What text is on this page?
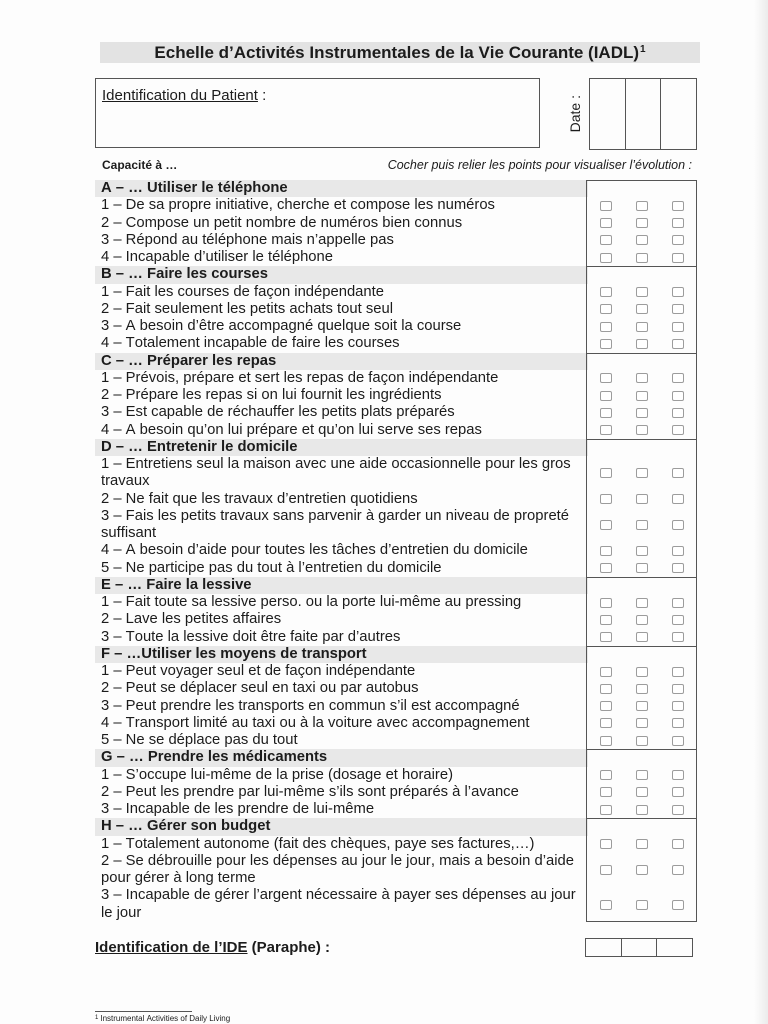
Echelle d’Activités Instrumentales de la Vie Courante (IADL)$^1$
Identification du Patient :	Date :
Capacité à …	Cocher puis relier les points pour visualiser l’évolution :
A – … Utiliser le téléphone
1 – De sa propre initiative, cherche et compose les numéros
2 – Compose un petit nombre de numéros bien connus
3 – Répond au téléphone mais n’appelle pas
4 – Incapable d’utiliser le téléphone
B – … Faire les courses
1 – Fait les courses de façon indépendante
2 – Fait seulement les petits achats tout seul
3 – A besoin d’être accompagné quelque soit la course
4 – Totalement incapable de faire les courses
C – … Préparer les repas
1 – Prévois, prépare et sert les repas de façon indépendante
2 – Prépare les repas si on lui fournit les ingrédients
3 – Est capable de réchauffer les petits plats préparés
4 – A besoin qu’on lui prépare et qu’on lui serve ses repas
D – … Entretenir le domicile
1 – Entretiens seul la maison avec une aide occasionnelle pour les gros travaux
2 – Ne fait que les travaux d’entretien quotidiens
3 – Fais les petits travaux sans parvenir à garder un niveau de propreté suffisant
4 – A besoin d’aide pour toutes les tâches d’entretien du domicile
5 – Ne participe pas du tout à l’entretien du domicile
E – … Faire la lessive
1 – Fait toute sa lessive perso. ou la porte lui-même au pressing
2 – Lave les petites affaires
3 – Toute la lessive doit être faite par d’autres
F – …Utiliser les moyens de transport
1 – Peut voyager seul et de façon indépendante
2 – Peut se déplacer seul en taxi ou par autobus
3 – Peut prendre les transports en commun s’il est accompagné
4 – Transport limité au taxi ou à la voiture avec accompagnement
5 – Ne se déplace pas du tout
G – … Prendre les médicaments
1 – S’occupe lui-même de la prise (dosage et horaire)
2 – Peut les prendre par lui-même s’ils sont préparés à l’avance
3 – Incapable de les prendre de lui-même
H – … Gérer son budget
1 – Totalement autonome (fait des chèques, paye ses factures,…)
2 – Se débrouille pour les dépenses au jour le jour, mais a besoin d’aide pour gérer à long terme
3 – Incapable de gérer l’argent nécessaire à payer ses dépenses au jour le jour
Identification de l’IDE (Paraphe) :
$^1$ Instrumental Activities of Daily Living
